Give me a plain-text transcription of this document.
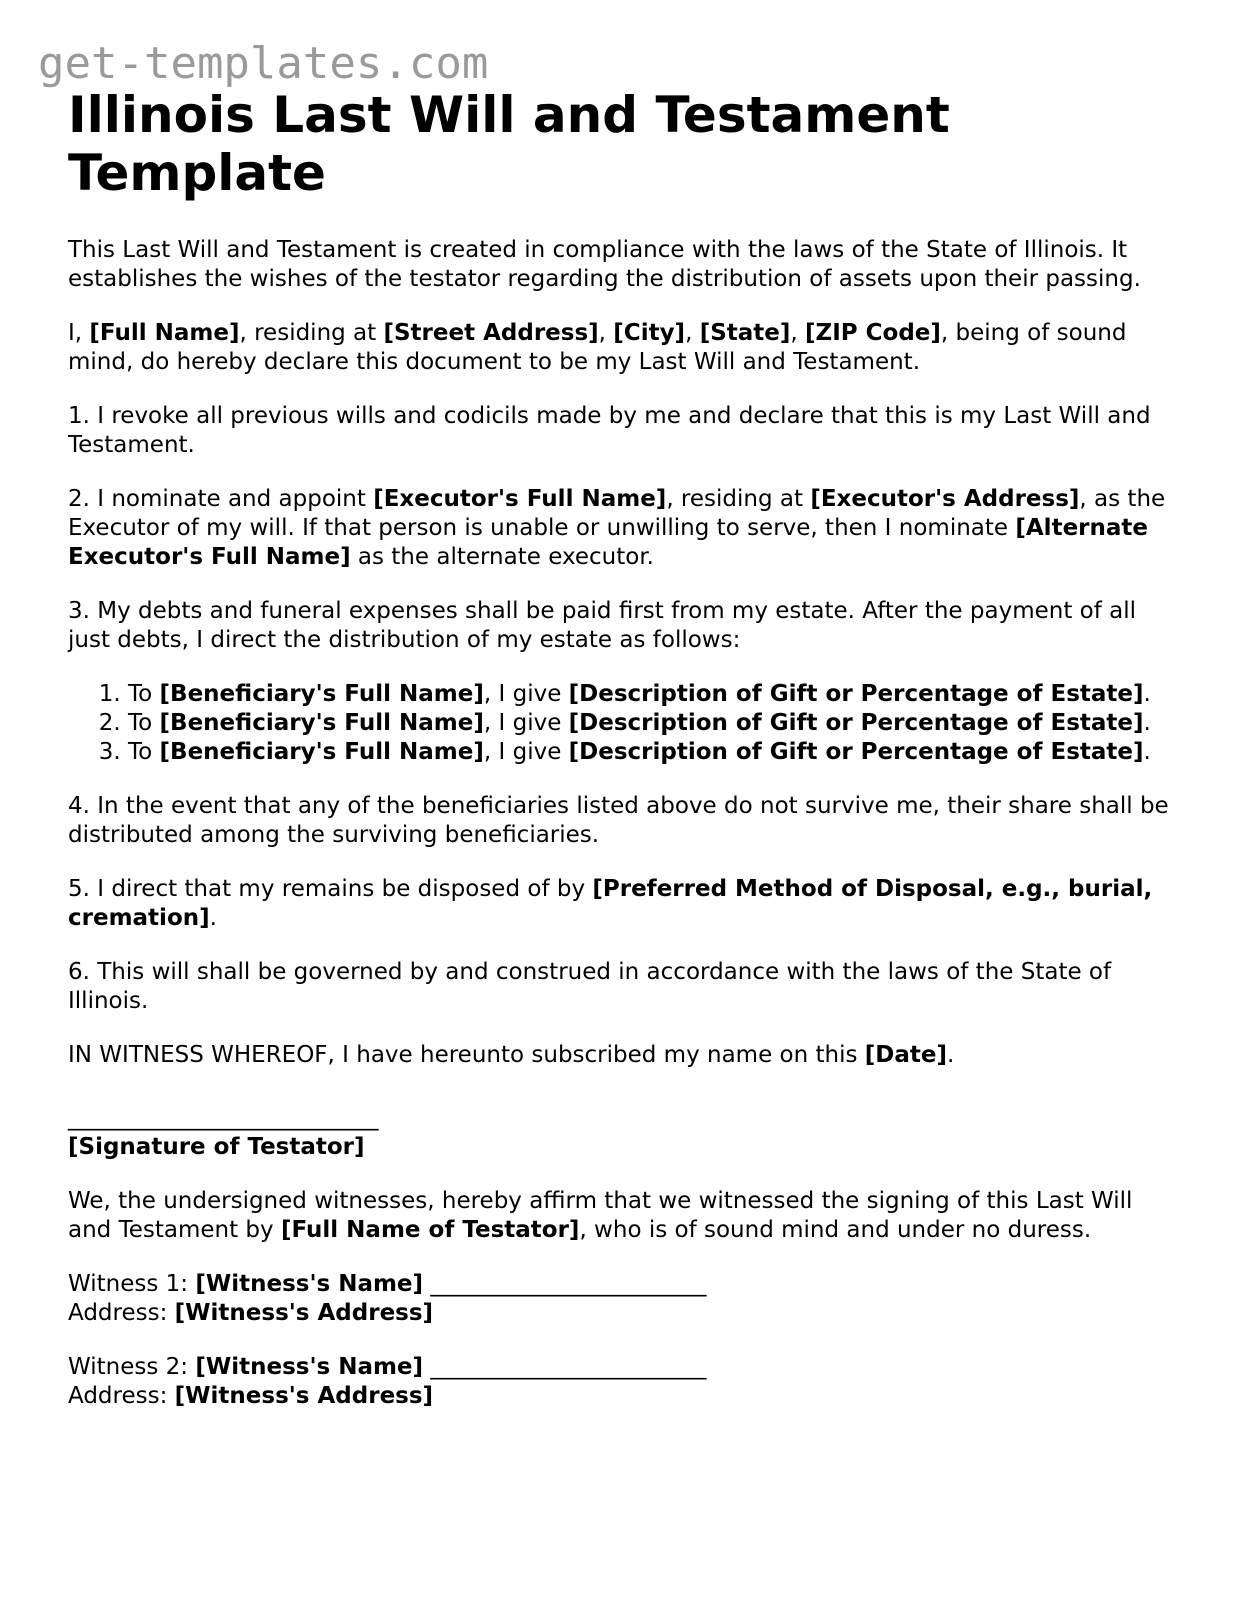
get-templates.com
Illinois Last Will and Testament Template

This Last Will and Testament is created in compliance with the laws of the State of Illinois. It establishes the wishes of the testator regarding the distribution of assets upon their passing.

I, [Full Name], residing at [Street Address], [City], [State], [ZIP Code], being of sound mind, do hereby declare this document to be my Last Will and Testament.

1. I revoke all previous wills and codicils made by me and declare that this is my Last Will and Testament.

2. I nominate and appoint [Executor's Full Name], residing at [Executor's Address], as the Executor of my will. If that person is unable or unwilling to serve, then I nominate [Alternate Executor's Full Name] as the alternate executor.

3. My debts and funeral expenses shall be paid first from my estate. After the payment of all just debts, I direct the distribution of my estate as follows:

1. To [Beneficiary's Full Name], I give [Description of Gift or Percentage of Estate].
2. To [Beneficiary's Full Name], I give [Description of Gift or Percentage of Estate].
3. To [Beneficiary's Full Name], I give [Description of Gift or Percentage of Estate].

4. In the event that any of the beneficiaries listed above do not survive me, their share shall be distributed among the surviving beneficiaries.

5. I direct that my remains be disposed of by [Preferred Method of Disposal, e.g., burial, cremation].

6. This will shall be governed by and construed in accordance with the laws of the State of Illinois.

IN WITNESS WHEREOF, I have hereunto subscribed my name on this [Date].

___________________________
[Signature of Testator]

We, the undersigned witnesses, hereby affirm that we witnessed the signing of this Last Will and Testament by [Full Name of Testator], who is of sound mind and under no duress.

Witness 1: [Witness's Name] ________________________
Address: [Witness's Address]
Witness 2: [Witness's Name] ________________________
Address: [Witness's Address]
